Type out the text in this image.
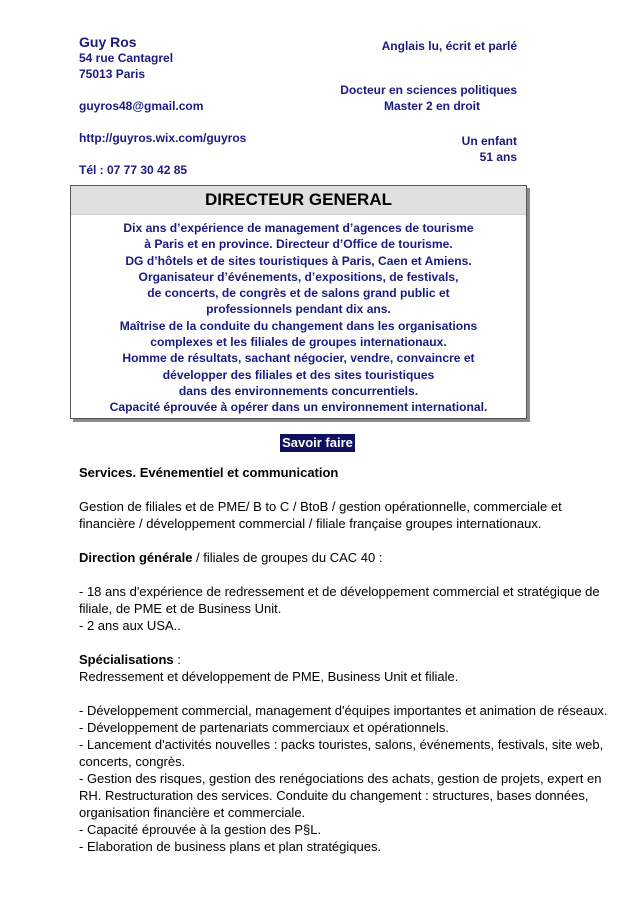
Guy Ros
54 rue Cantagrel
75013 Paris
guyros48@gmail.com
http://guyros.wix.com/guyros
Tél : 07 77 30 42 85
Anglais lu, écrit et parlé
Docteur en sciences politiques
Master 2 en droit
Un enfant
51 ans
DIRECTEUR GENERAL
Dix ans d’expérience de management d’agences de tourisme
à Paris et en province. Directeur d’Office de tourisme.
DG d’hôtels et de sites touristiques à Paris, Caen et Amiens.
Organisateur d’événements, d’expositions, de festivals,
de concerts, de congrès et de salons grand public et
professionnels pendant dix ans.
Maîtrise de la conduite du changement dans les organisations
complexes et les filiales de groupes internationaux.
Homme de résultats, sachant négocier, vendre, convaincre et
développer des filiales et des sites touristiques
dans des environnements concurrentiels.
Capacité éprouvée à opérer dans un environnement international.
Savoir faire

Services. Evénementiel et communication

Gestion de filiales et de PME/ B to C / BtoB / gestion opérationnelle, commerciale et

financière / développement commercial / filiale française groupes internationaux.

Direction générale / filiales de groupes du CAC 40 :

- 18 ans d'expérience de redressement et de développement commercial et stratégique de

filiale, de PME et de Business Unit.

- 2 ans aux USA..

Spécialisations :

Redressement et développement de PME, Business Unit et filiale.

- Développement commercial, management d'équipes importantes et animation de réseaux.

- Développement de partenariats commerciaux et opérationnels.

- Lancement d'activités nouvelles : packs touristes, salons, événements, festivals, site web,

concerts, congrès.

- Gestion des risques, gestion des renégociations des achats, gestion de projets, expert en

RH. Restructuration des services. Conduite du changement : structures, bases données,

organisation financière et commerciale.

- Capacité éprouvée à la gestion des P§L.

- Elaboration de business plans et plan stratégiques.
